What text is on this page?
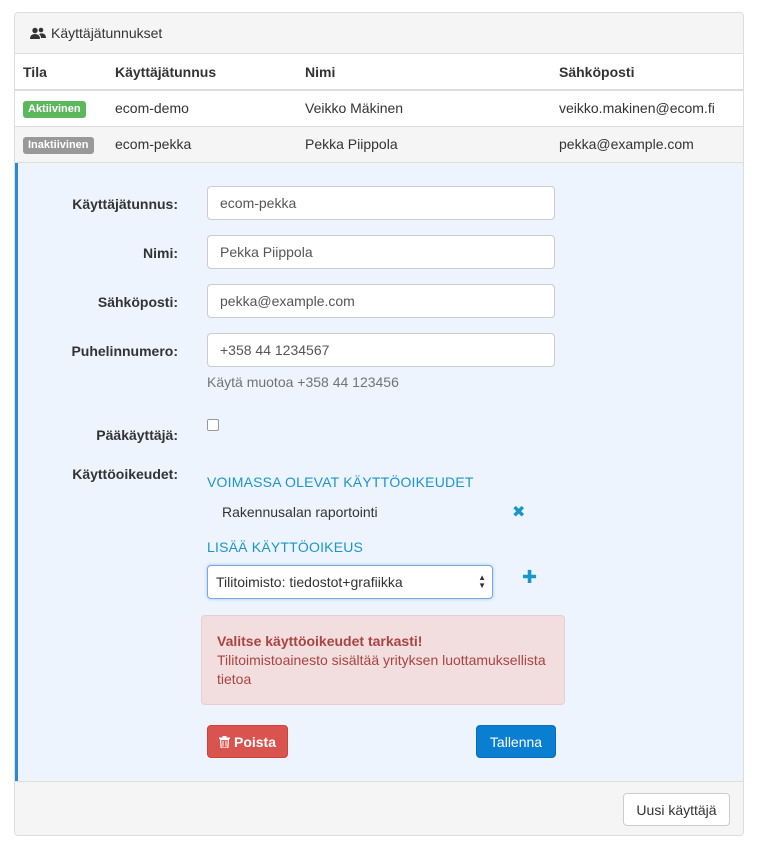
Käyttäjätunnukset
Tila	Käyttäjätunnus	Nimi	Sähköposti
Aktiivinen	ecom-demo	Veikko Mäkinen	veikko.makinen@ecom.fi
Inaktiivinen	ecom-pekka	Pekka Piippola	pekka@example.com
Käyttäjätunnus:
ecom-pekka
Nimi:
Pekka Piippola
Sähköposti:
pekka@example.com
Puhelinnumero:
+358 44 1234567
Käytä muotoa +358 44 123456
Pääkäyttäjä:
Käyttöoikeudet: VOIMASSA OLEVAT KÄYTTÖOIKEUDET
Rakennusalan raportointi	✖
LISÄÄ KÄYTTÖOIKEUS
Tilitoimisto: tiedostot+grafiikka	▲
▼ ✚
Valitse käyttöoikeudet tarkasti!
Tilitoimistoainesto sisältää yrityksen luottamuksellista tietoa
Poista	Tallenna
Uusi käyttäjä
